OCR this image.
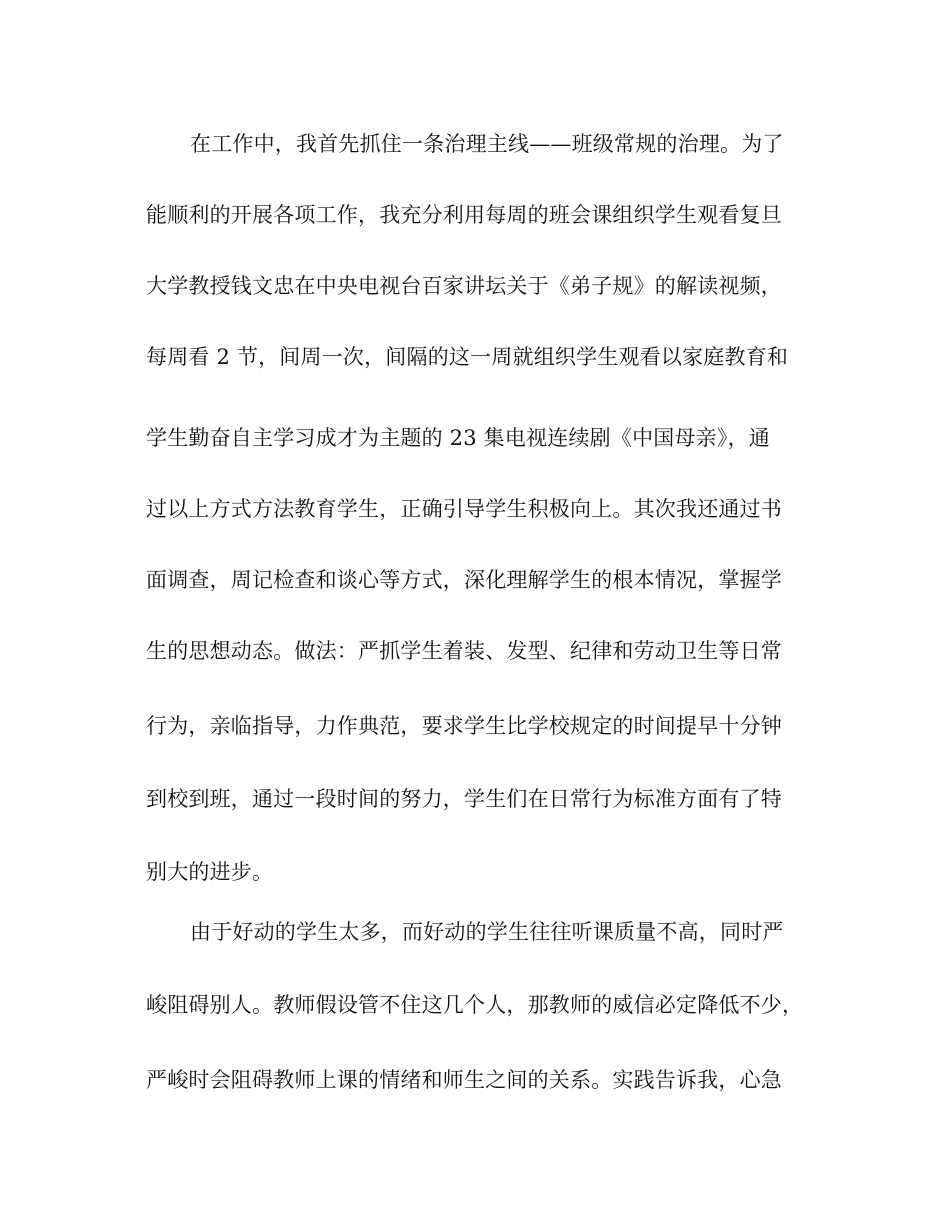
在工作中，我首先抓住一条治理主线——班级常规的治理。为了
能顺利的开展各项工作，我充分利用每周的班会课组织学生观看复旦
大学教授钱文忠在中央电视台百家讲坛关于《弟子规》的解读视频，
每周看 2 节，间周一次，间隔的这一周就组织学生观看以家庭教育和
学生勤奋自主学习成才为主题的 23 集电视连续剧《中国母亲》，通
过以上方式方法教育学生，正确引导学生积极向上。其次我还通过书
面调查，周记检查和谈心等方式，深化理解学生的根本情况，掌握学
生的思想动态。做法：严抓学生着装、发型、纪律和劳动卫生等日常
行为，亲临指导，力作典范，要求学生比学校规定的时间提早十分钟
到校到班，通过一段时间的努力，学生们在日常行为标准方面有了特
别大的进步。
由于好动的学生太多，而好动的学生往往听课质量不高，同时严
峻阻碍别人。教师假设管不住这几个人，那教师的威信必定降低不少，
严峻时会阻碍教师上课的情绪和师生之间的关系。实践告诉我，心急
